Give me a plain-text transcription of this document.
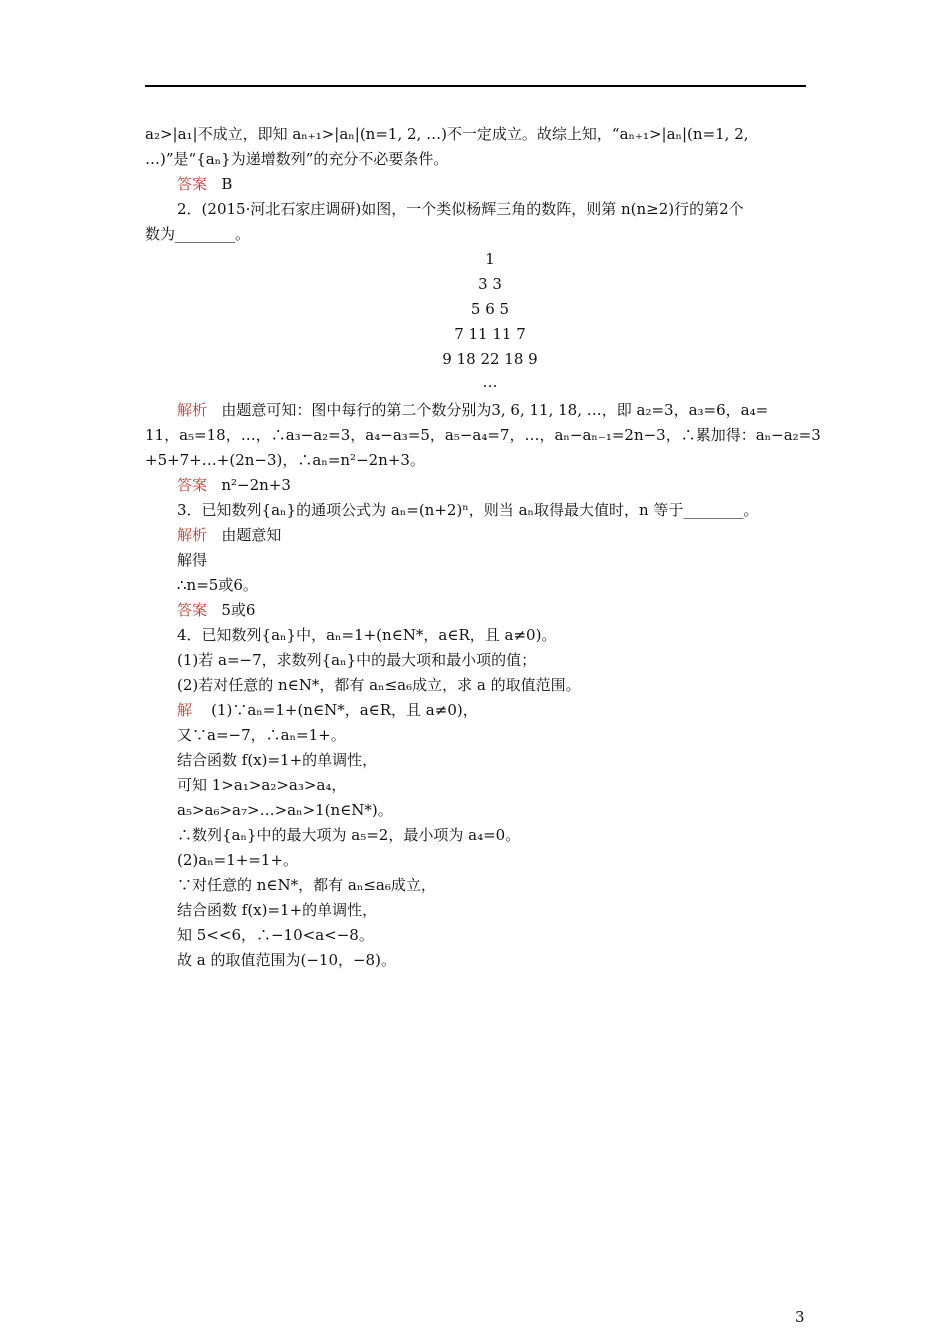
a₂>|a₁|不成立，即知 aₙ₊₁>|aₙ|(n=1, 2, …)不一定成立。故综上知，“aₙ₊₁>|aₙ|(n=1, 2,
…)”是“{aₙ}为递增数列”的充分不必要条件。
答案 B
2．(2015·河北石家庄调研)如图，一个类似杨辉三角的数阵，则第 n(n≥2)行的第2个
数为________。
1
3 3
5 6 5
7 11 11 7
9 18 22 18 9
…
解析 由题意可知：图中每行的第二个数分别为3, 6, 11, 18, …，即 a₂=3，a₃=6，a₄=
11，a₅=18，…，∴a₃−a₂=3，a₄−a₃=5，a₅−a₄=7，…，aₙ−aₙ₋₁=2n−3，∴累加得：aₙ−a₂=3
+5+7+…+(2n−3)，∴aₙ=n²−2n+3。
答案 n²−2n+3
3．已知数列{aₙ}的通项公式为 aₙ=(n+2)ⁿ，则当 aₙ取得最大值时，n 等于________。
解析 由题意知
解得
∴n=5或6。
答案 5或6
4．已知数列{aₙ}中，aₙ=1+(n∈N*，a∈R，且 a≠0)。
(1)若 a=−7，求数列{aₙ}中的最大项和最小项的值；
(2)若对任意的 n∈N*，都有 aₙ≤a₆成立，求 a 的取值范围。
解 (1)∵aₙ=1+(n∈N*，a∈R，且 a≠0)，
又∵a=−7，∴aₙ=1+。
结合函数 f(x)=1+的单调性，
可知 1>a₁>a₂>a₃>a₄，
a₅>a₆>a₇>…>aₙ>1(n∈N*)。
∴数列{aₙ}中的最大项为 a₅=2，最小项为 a₄=0。
(2)aₙ=1+=1+。
∵对任意的 n∈N*，都有 aₙ≤a₆成立，
结合函数 f(x)=1+的单调性，
知 5<<6，∴−10<a<−8。
故 a 的取值范围为(−10，−8)。
3
